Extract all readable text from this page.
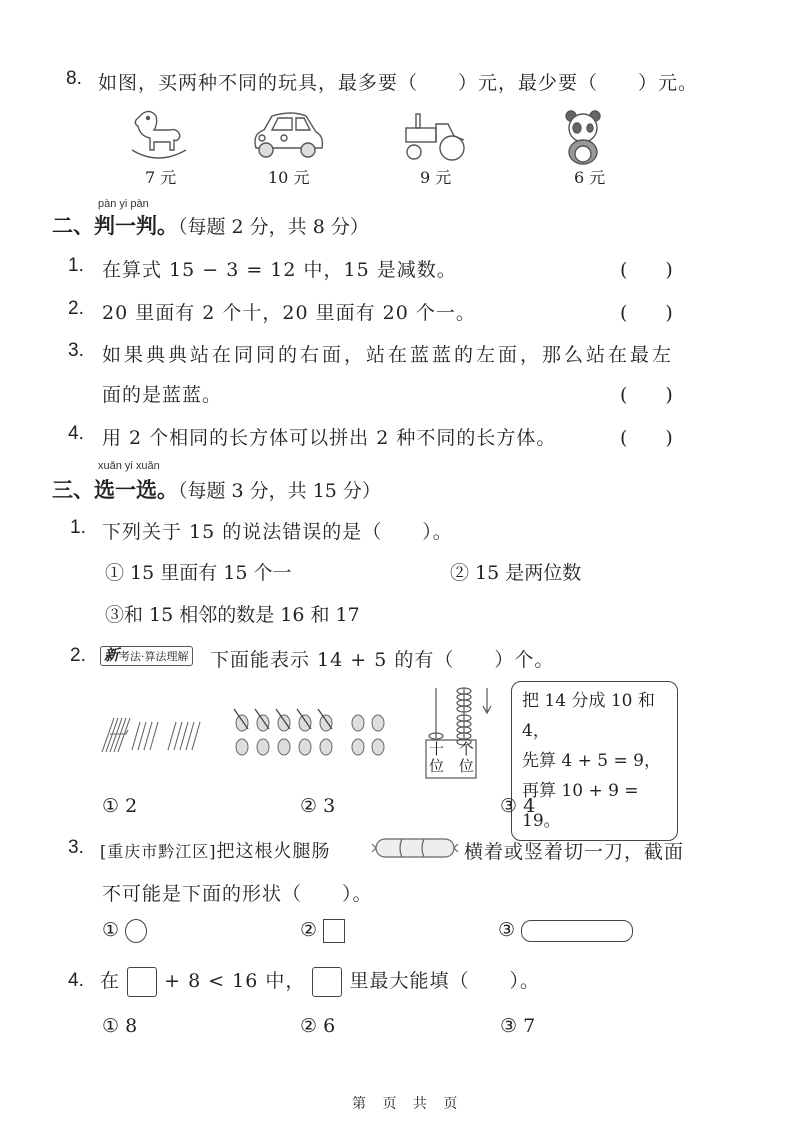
8. 如图，买两种不同的玩具，最多要（　　）元，最少要（　　）元。
7 元	10 元	9 元	6 元
pàn yi pàn
二、判一判。（每题 2 分，共 8 分）
1. 在算式 15 − 3 = 12 中，15 是减数。	(　　)
2. 20 里面有 2 个十，20 里面有 20 个一。	(　　)
3. 如果典典站在同同的右面，站在蓝蓝的左面，那么站在最左
面的是蓝蓝。	(　　)
4. 用 2 个相同的长方体可以拼出 2 种不同的长方体。	(　　)
xuǎn yi xuǎn
三、选一选。（每题 3 分，共 15 分）
1. 下列关于 15 的说法错误的是（　　）。
① 15 里面有 15 个一	② 15 是两位数
③和 15 相邻的数是 16 和 17
2. 新考法·算法理解 下面能表示 14 + 5 的有（　　）个。
十 个
位 位
把 14 分成 10 和 4，
先算 4 + 5 = 9，
再算 10 + 9 = 19。
① 2	② 3	③ 4
3. [重庆市黔江区]把这根火腿肠	横着或竖着切一刀，截面
不可能是下面的形状（　　）。
①	②	③
4. 在 + 8 < 16 中， 里最大能填（　　）。
① 8	② 6	③ 7
第 页 共 页
